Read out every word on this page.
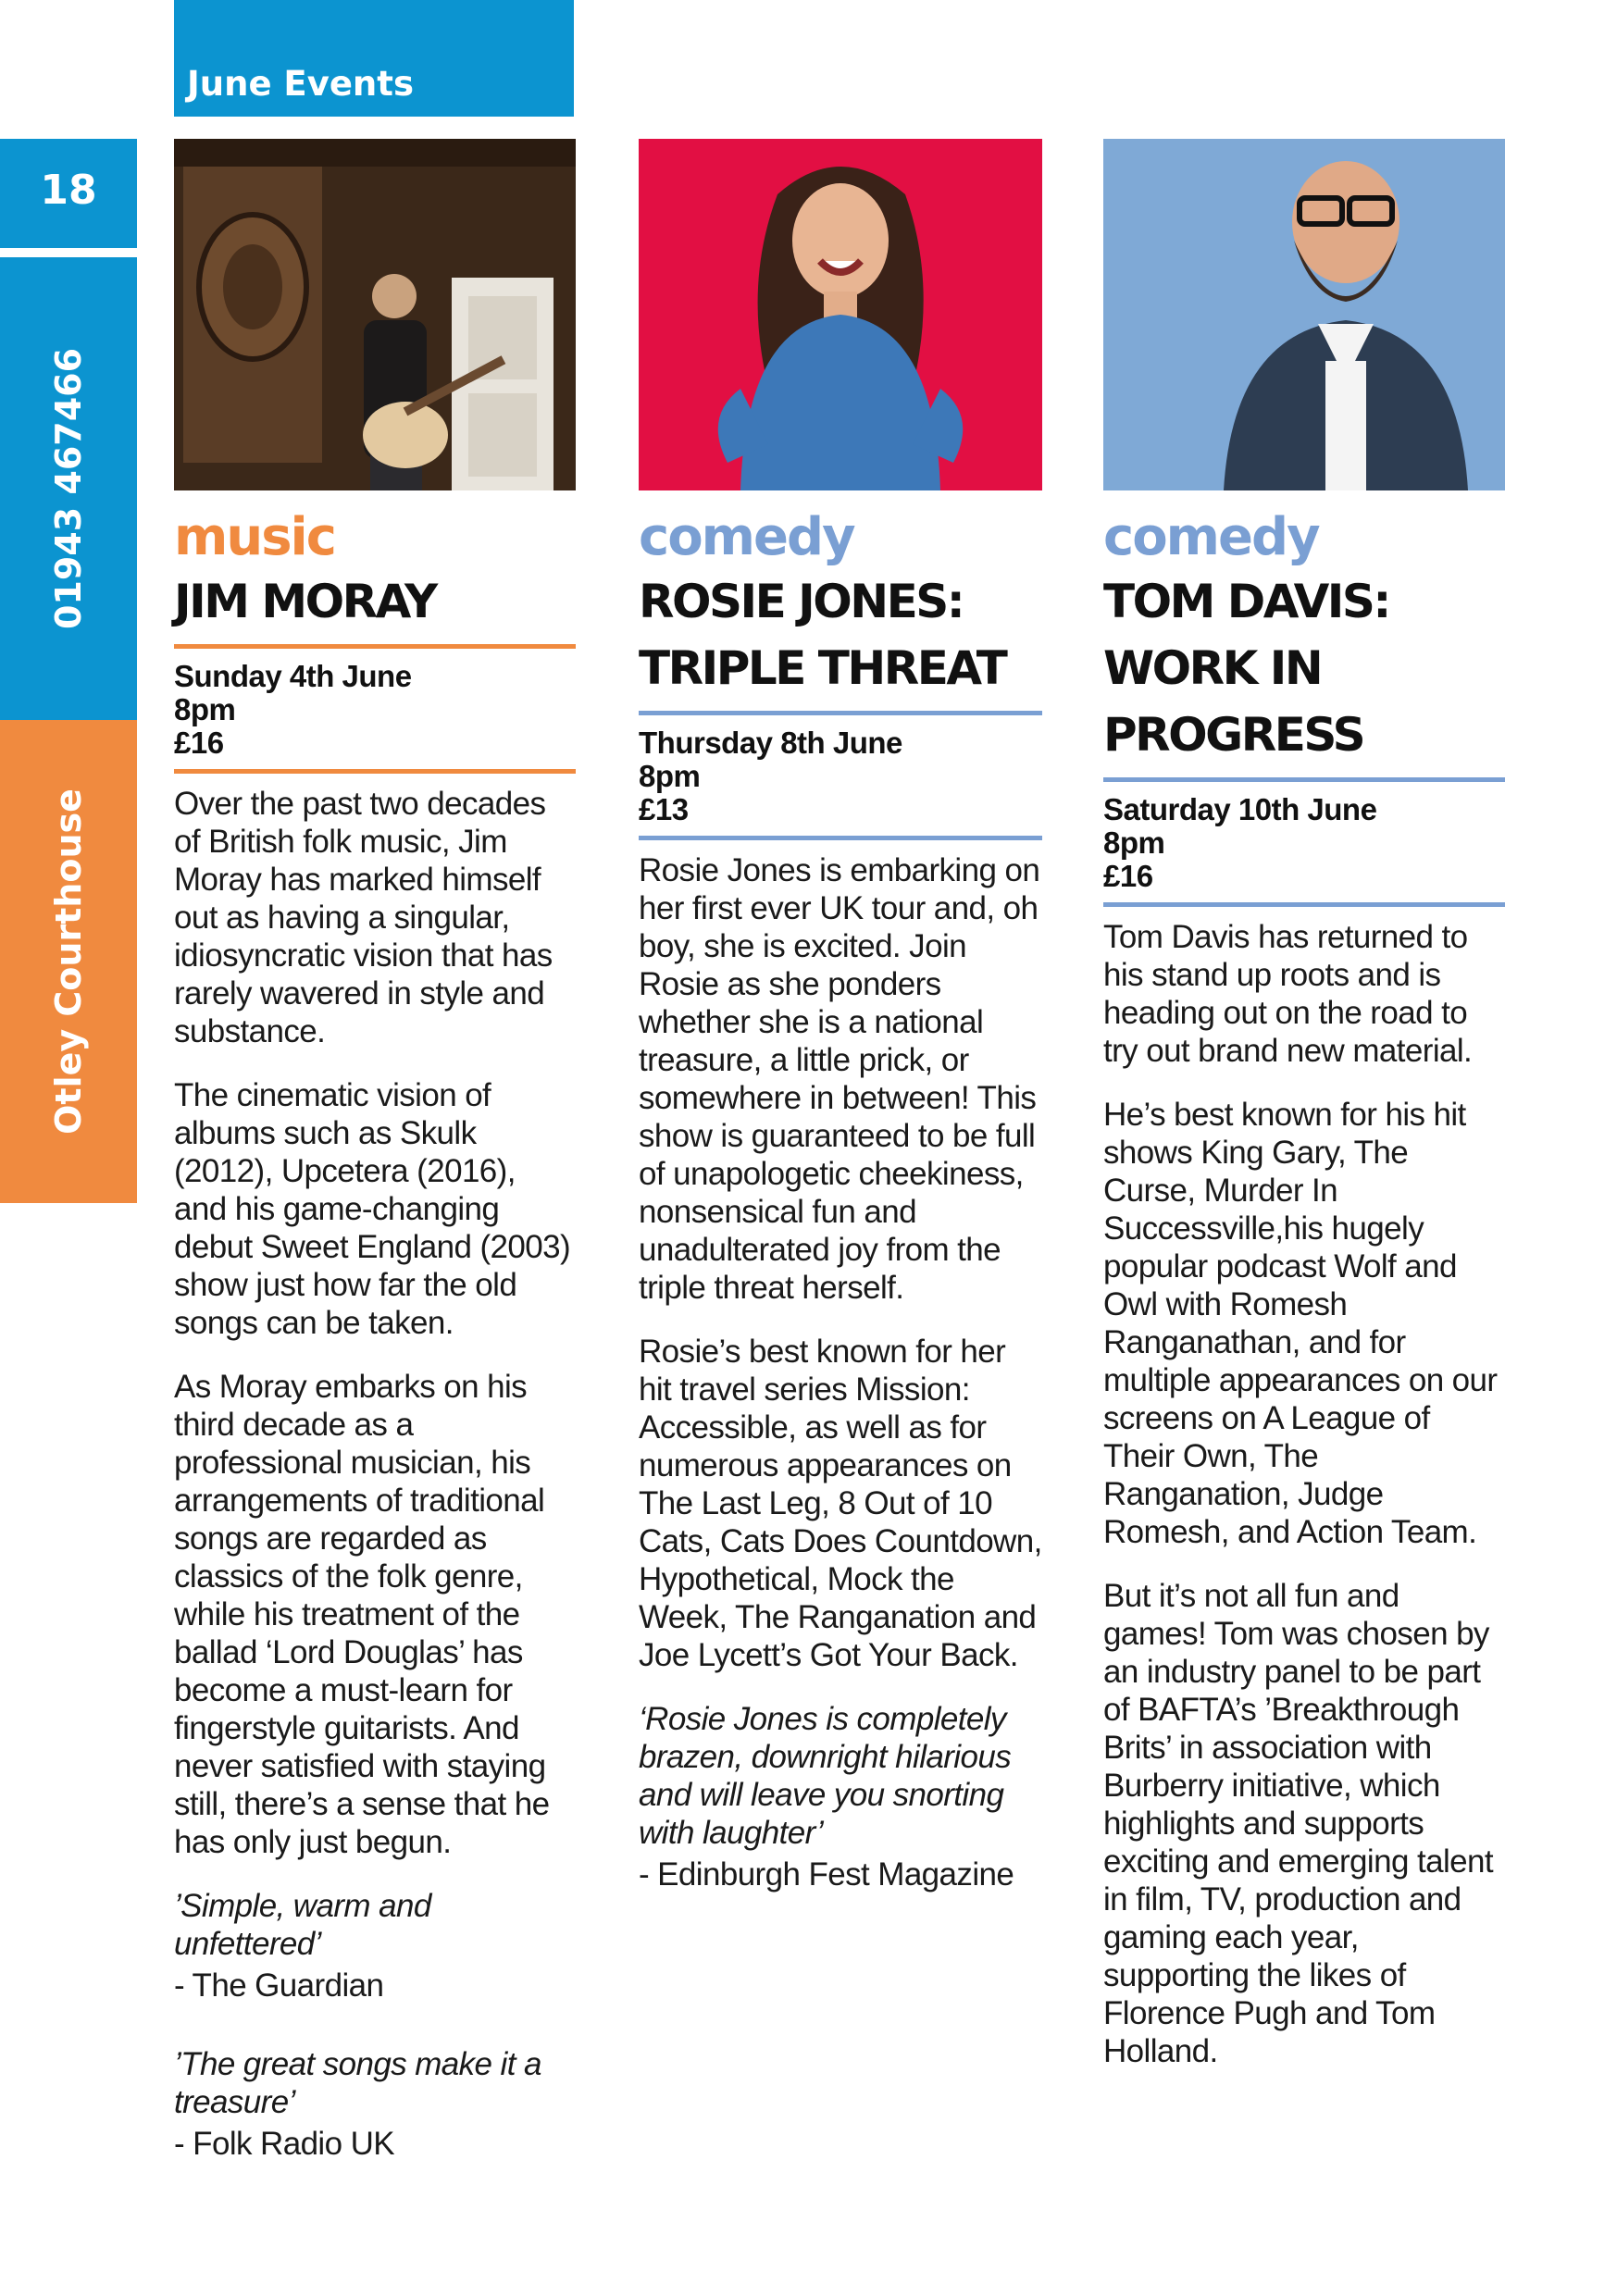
June Events
18
01943 467466
Otley Courthouse
music
JIM MORAY
Sunday 4th June
8pm
£16

Over the past two decades of British folk music, Jim Moray has marked himself out as having a singular, idiosyncratic vision that has rarely wavered in style and substance.

The cinematic vision of albums such as Skulk (2012), Upcetera (2016), and his game-changing debut Sweet England (2003) show just how far the old songs can be taken.

As Moray embarks on his third decade as a professional musician, his arrangements of traditional songs are regarded as classics of the folk genre, while his treatment of the ballad ‘Lord Douglas’ has become a must-learn for fingerstyle guitarists. And never satisfied with staying still, there’s a sense that he has only just begun.

’Simple, warm and unfettered’

- The Guardian

’The great songs make it a treasure’

- Folk Radio UK

comedy
ROSIE JONES:
TRIPLE THREAT
Thursday 8th June
8pm
£13

Rosie Jones is embarking on her first ever UK tour and, oh boy, she is excited. Join Rosie as she ponders whether she is a national treasure, a little prick, or somewhere in between! This show is guaranteed to be full of unapologetic cheekiness, nonsensical fun and unadulterated joy from the triple threat herself.

Rosie’s best known for her hit travel series Mission: Accessible, as well as for numerous appearances on The Last Leg, 8 Out of 10 Cats, Cats Does Countdown, Hypothetical, Mock the Week, The Ranganation and Joe Lycett’s Got Your Back.

‘Rosie Jones is completely brazen, downright hilarious and will leave you snorting with laughter’

- Edinburgh Fest Magazine

comedy
TOM DAVIS:
WORK IN
PROGRESS
Saturday 10th June
8pm
£16

Tom Davis has returned to his stand up roots and is heading out on the road to try out brand new material.

He’s best known for his hit shows King Gary, The Curse, Murder In Successville,his hugely popular podcast Wolf and Owl with Romesh Ranganathan, and for multiple appearances on our screens on A League of Their Own, The Ranganation, Judge Romesh, and Action Team.

But it’s not all fun and games! Tom was chosen by an industry panel to be part of BAFTA’s ’Breakthrough Brits’ in association with Burberry initiative, which highlights and supports exciting and emerging talent in film, TV, production and gaming each year, supporting the likes of Florence Pugh and Tom Holland.
